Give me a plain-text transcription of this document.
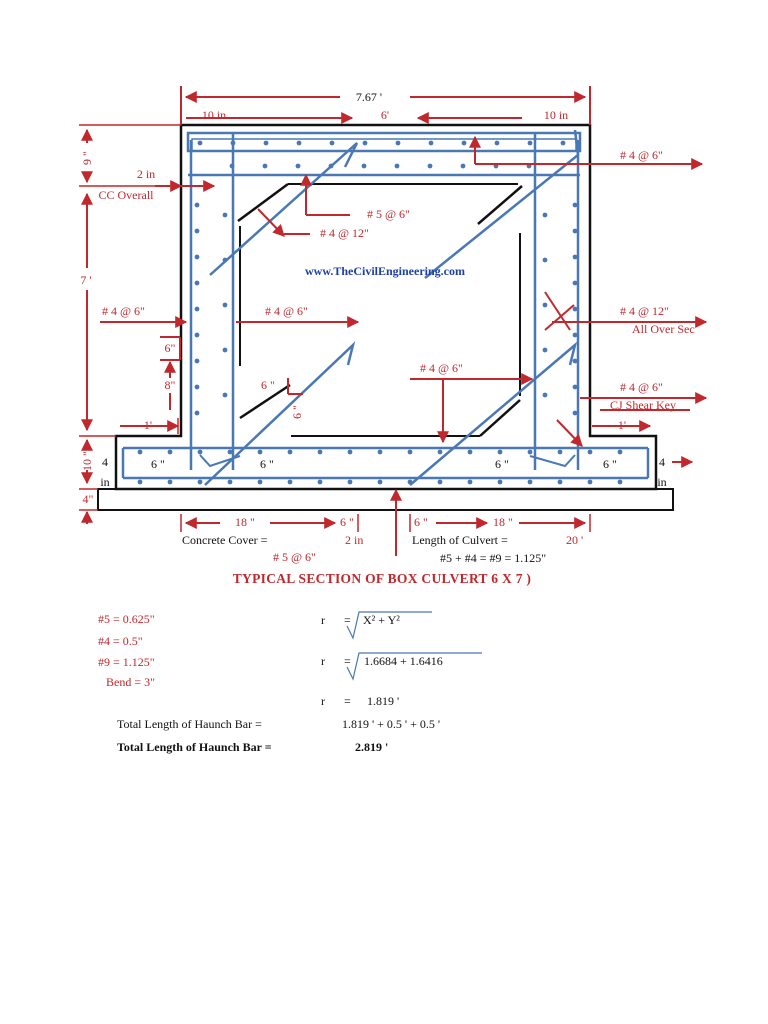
7.67 '
10 in	6'	10 in
9 "
7 '
10 "
4"
2 in
CC Overall
6"
8"	6 "
6 "
1'	1'
4
in
4
in
6 "	6 "	6 "	6 "
18 "	6 "	6 "	18 "
# 4 @ 6"
# 5 @ 6"
# 4 @ 12"
# 4 @ 6"	# 4 @ 6"	# 4 @ 12"
All Over Sec
# 4 @ 6"
# 4 @ 6"
CJ Shear Key
# 5 @ 6"
www.TheCivilEngineering.com
Concrete Cover =	2 in	Length of Culvert =	20 '
#5 + #4 = #9 = 1.125"
TYPICAL SECTION OF BOX CULVERT 6 X 7 )
#5 = 0.625"
#4 = 0.5"
#9 = 1.125"
Bend = 3"
r = X² + Y²
r = 1.6684 + 1.6416
r = 1.819 '
Total Length of Haunch Bar =	1.819 ' + 0.5 ' + 0.5 '
Total Length of Haunch Bar =	2.819 '
